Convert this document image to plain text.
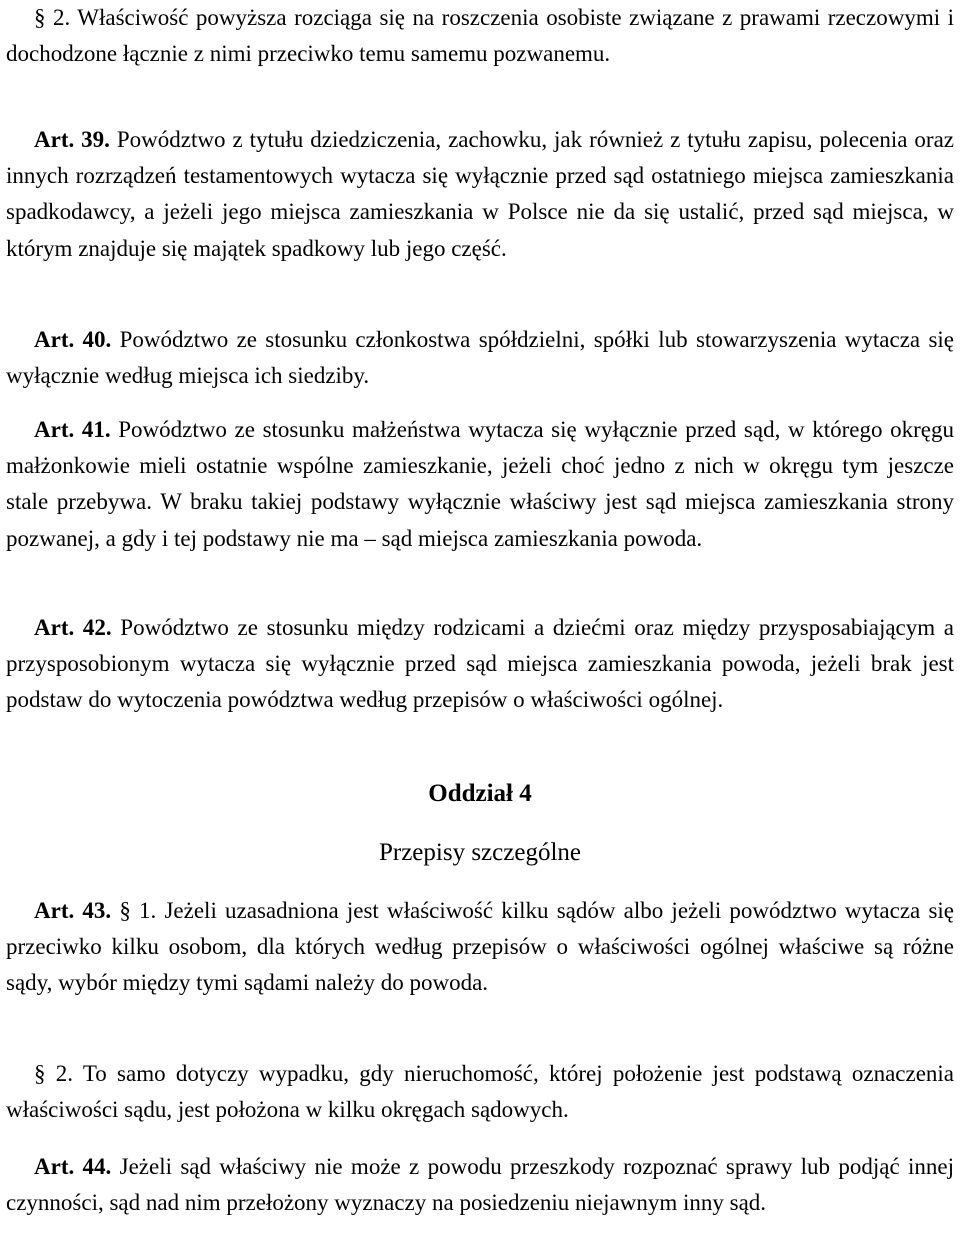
§ 2. Właściwość powyższa rozciąga się na roszczenia osobiste związane z prawami rzeczowymi i dochodzone łącznie z nimi przeciwko temu samemu pozwanemu.

Art. 39. Powództwo z tytułu dziedziczenia, zachowku, jak również z tytułu zapisu, polecenia oraz innych rozrządzeń testamentowych wytacza się wyłącznie przed sąd ostatniego miejsca zamieszkania spadkodawcy, a jeżeli jego miejsca zamieszkania w Polsce nie da się ustalić, przed sąd miejsca, w którym znajduje się majątek spadkowy lub jego część.

Art. 40. Powództwo ze stosunku członkostwa spółdzielni, spółki lub stowarzyszenia wytacza się wyłącznie według miejsca ich siedziby.

Art. 41. Powództwo ze stosunku małżeństwa wytacza się wyłącznie przed sąd, w którego okręgu małżonkowie mieli ostatnie wspólne zamieszkanie, jeżeli choć jedno z nich w okręgu tym jeszcze stale przebywa. W braku takiej podstawy wyłącznie właściwy jest sąd miejsca zamieszkania strony pozwanej, a gdy i tej podstawy nie ma – sąd miejsca zamieszkania powoda.

Art. 42. Powództwo ze stosunku między rodzicami a dziećmi oraz między przysposabiającym a przysposobionym wytacza się wyłącznie przed sąd miejsca zamieszkania powoda, jeżeli brak jest podstaw do wytoczenia powództwa według przepisów o właściwości ogólnej.

Oddział 4

Przepisy szczególne

Art. 43. § 1. Jeżeli uzasadniona jest właściwość kilku sądów albo jeżeli powództwo wytacza się przeciwko kilku osobom, dla których według przepisów o właściwości ogólnej właściwe są różne sądy, wybór między tymi sądami należy do powoda.

§ 2. To samo dotyczy wypadku, gdy nieruchomość, której położenie jest podstawą oznaczenia właściwości sądu, jest położona w kilku okręgach sądowych.

Art. 44. Jeżeli sąd właściwy nie może z powodu przeszkody rozpoznać sprawy lub podjąć innej czynności, sąd nad nim przełożony wyznaczy na posiedzeniu niejawnym inny sąd.
